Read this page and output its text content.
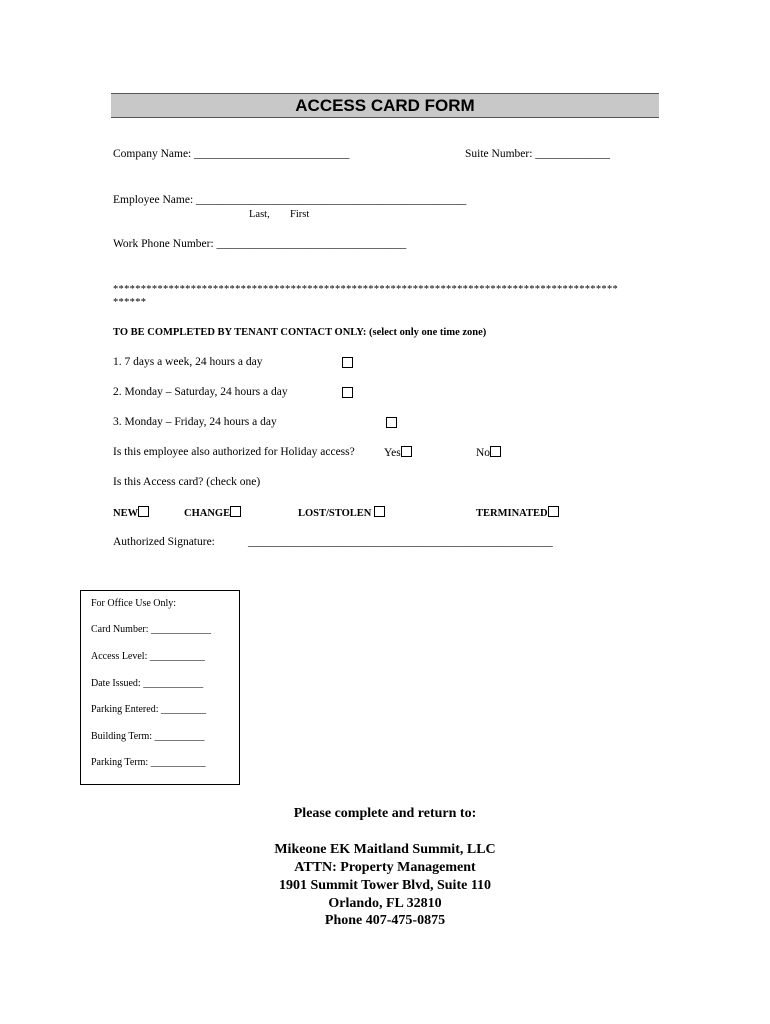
ACCESS CARD FORM
Company Name: ___________________________	Suite Number: _____________
Employee Name: _______________________________________________
Last, First
Work Phone Number: _________________________________
*******************************************************************************************
******
TO BE COMPLETED BY TENANT CONTACT ONLY: (select only one time zone)
1. 7 days a week, 24 hours a day
2. Monday – Saturday, 24 hours a day
3. Monday – Friday, 24 hours a day
Is this employee also authorized for Holiday access?	Yes	No
Is this Access card? (check one)
NEW	CHANGE	LOST/STOLEN	TERMINATED
Authorized Signature:	_____________________________________________________
For Office Use Only:
Card Number: ____________
Access Level: ___________
Date Issued: ____________
Parking Entered: _________
Building Term: __________
Parking Term: ___________
Please complete and return to:
Mikeone EK Maitland Summit, LLC
ATTN: Property Management
1901 Summit Tower Blvd, Suite 110
Orlando, FL 32810
Phone 407-475-0875
